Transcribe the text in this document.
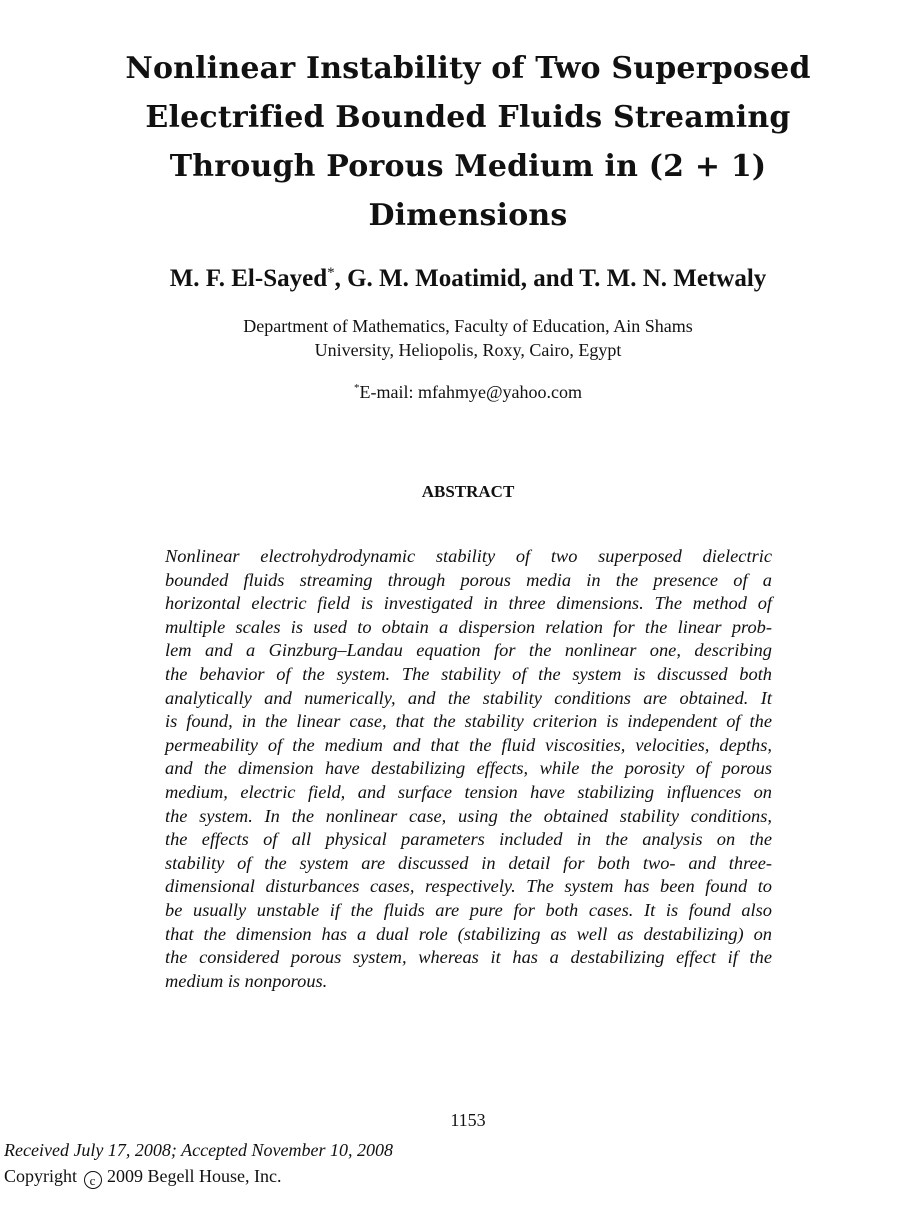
Nonlinear Instability of Two Superposed
Electrified Bounded Fluids Streaming
Through Porous Medium in (2 + 1)
Dimensions

M. F. El-Sayed*, G. M. Moatimid, and T. M. N. Metwaly

Department of Mathematics, Faculty of Education, Ain Shams
University, Heliopolis, Roxy, Cairo, Egypt
*E-mail: mfahmye@yahoo.com
ABSTRACT
Nonlinear electrohydrodynamic stability of two superposed dielectric
bounded fluids streaming through porous media in the presence of a
horizontal electric field is investigated in three dimensions. The method of
multiple scales is used to obtain a dispersion relation for the linear prob-
lem and a Ginzburg–Landau equation for the nonlinear one, describing
the behavior of the system. The stability of the system is discussed both
analytically and numerically, and the stability conditions are obtained. It
is found, in the linear case, that the stability criterion is independent of the
permeability of the medium and that the fluid viscosities, velocities, depths,
and the dimension have destabilizing effects, while the porosity of porous
medium, electric field, and surface tension have stabilizing influences on
the system. In the nonlinear case, using the obtained stability conditions,
the effects of all physical parameters included in the analysis on the
stability of the system are discussed in detail for both two- and three-
dimensional disturbances cases, respectively. The system has been found to
be usually unstable if the fluids are pure for both cases. It is found also
that the dimension has a dual role (stabilizing as well as destabilizing) on
the considered porous system, whereas it has a destabilizing effect if the
medium is nonporous.
1153
Received July 17, 2008; Accepted November 10, 2008
Copyright c 2009 Begell House, Inc.
